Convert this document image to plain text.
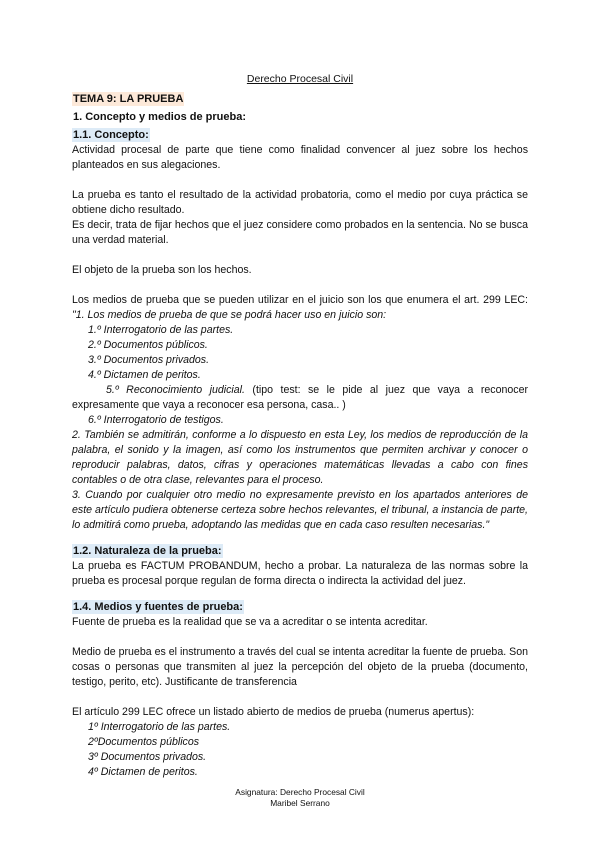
Derecho Procesal Civil
TEMA 9: LA PRUEBA
1. Concepto y medios de prueba:
1.1. Concepto:

Actividad procesal de parte que tiene como finalidad convencer al juez sobre los hechos planteados en sus alegaciones.

La prueba es tanto el resultado de la actividad probatoria, como el medio por cuya práctica se obtiene dicho resultado.

Es decir, trata de fijar hechos que el juez considere como probados en la sentencia. No se busca una verdad material.

El objeto de la prueba son los hechos.

Los medios de prueba que se pueden utilizar en el juicio son los que enumera el art. 299 LEC: "1. Los medios de prueba de que se podrá hacer uso en juicio son:

1.º Interrogatorio de las partes.
2.º Documentos públicos.
3.º Documentos privados.
4.º Dictamen de peritos.

5.º Reconocimiento judicial. (tipo test: se le pide al juez que vaya a reconocer expresamente que vaya a reconocer esa persona, casa.. )

6.º Interrogatorio de testigos.

2. También se admitirán, conforme a lo dispuesto en esta Ley, los medios de reproducción de la palabra, el sonido y la imagen, así como los instrumentos que permiten archivar y conocer o reproducir palabras, datos, cifras y operaciones matemáticas llevadas a cabo con fines contables o de otra clase, relevantes para el proceso.

3. Cuando por cualquier otro medio no expresamente previsto en los apartados anteriores de este artículo pudiera obtenerse certeza sobre hechos relevantes, el tribunal, a instancia de parte, lo admitirá como prueba, adoptando las medidas que en cada caso resulten necesarias."

1.2. Naturaleza de la prueba:

La prueba es FACTUM PROBANDUM, hecho a probar. La naturaleza de las normas sobre la prueba es procesal porque regulan de forma directa o indirecta la actividad del juez.

1.4. Medios y fuentes de prueba:

Fuente de prueba es la realidad que se va a acreditar o se intenta acreditar.

Medio de prueba es el instrumento a través del cual se intenta acreditar la fuente de prueba. Son cosas o personas que transmiten al juez la percepción del objeto de la prueba (documento, testigo, perito, etc). Justificante de transferencia

El artículo 299 LEC ofrece un listado abierto de medios de prueba (numerus apertus):

1º Interrogatorio de las partes.
2ºDocumentos públicos
3º Documentos privados.
4º Dictamen de peritos.
Asignatura: Derecho Procesal Civil
Maribel Serrano
